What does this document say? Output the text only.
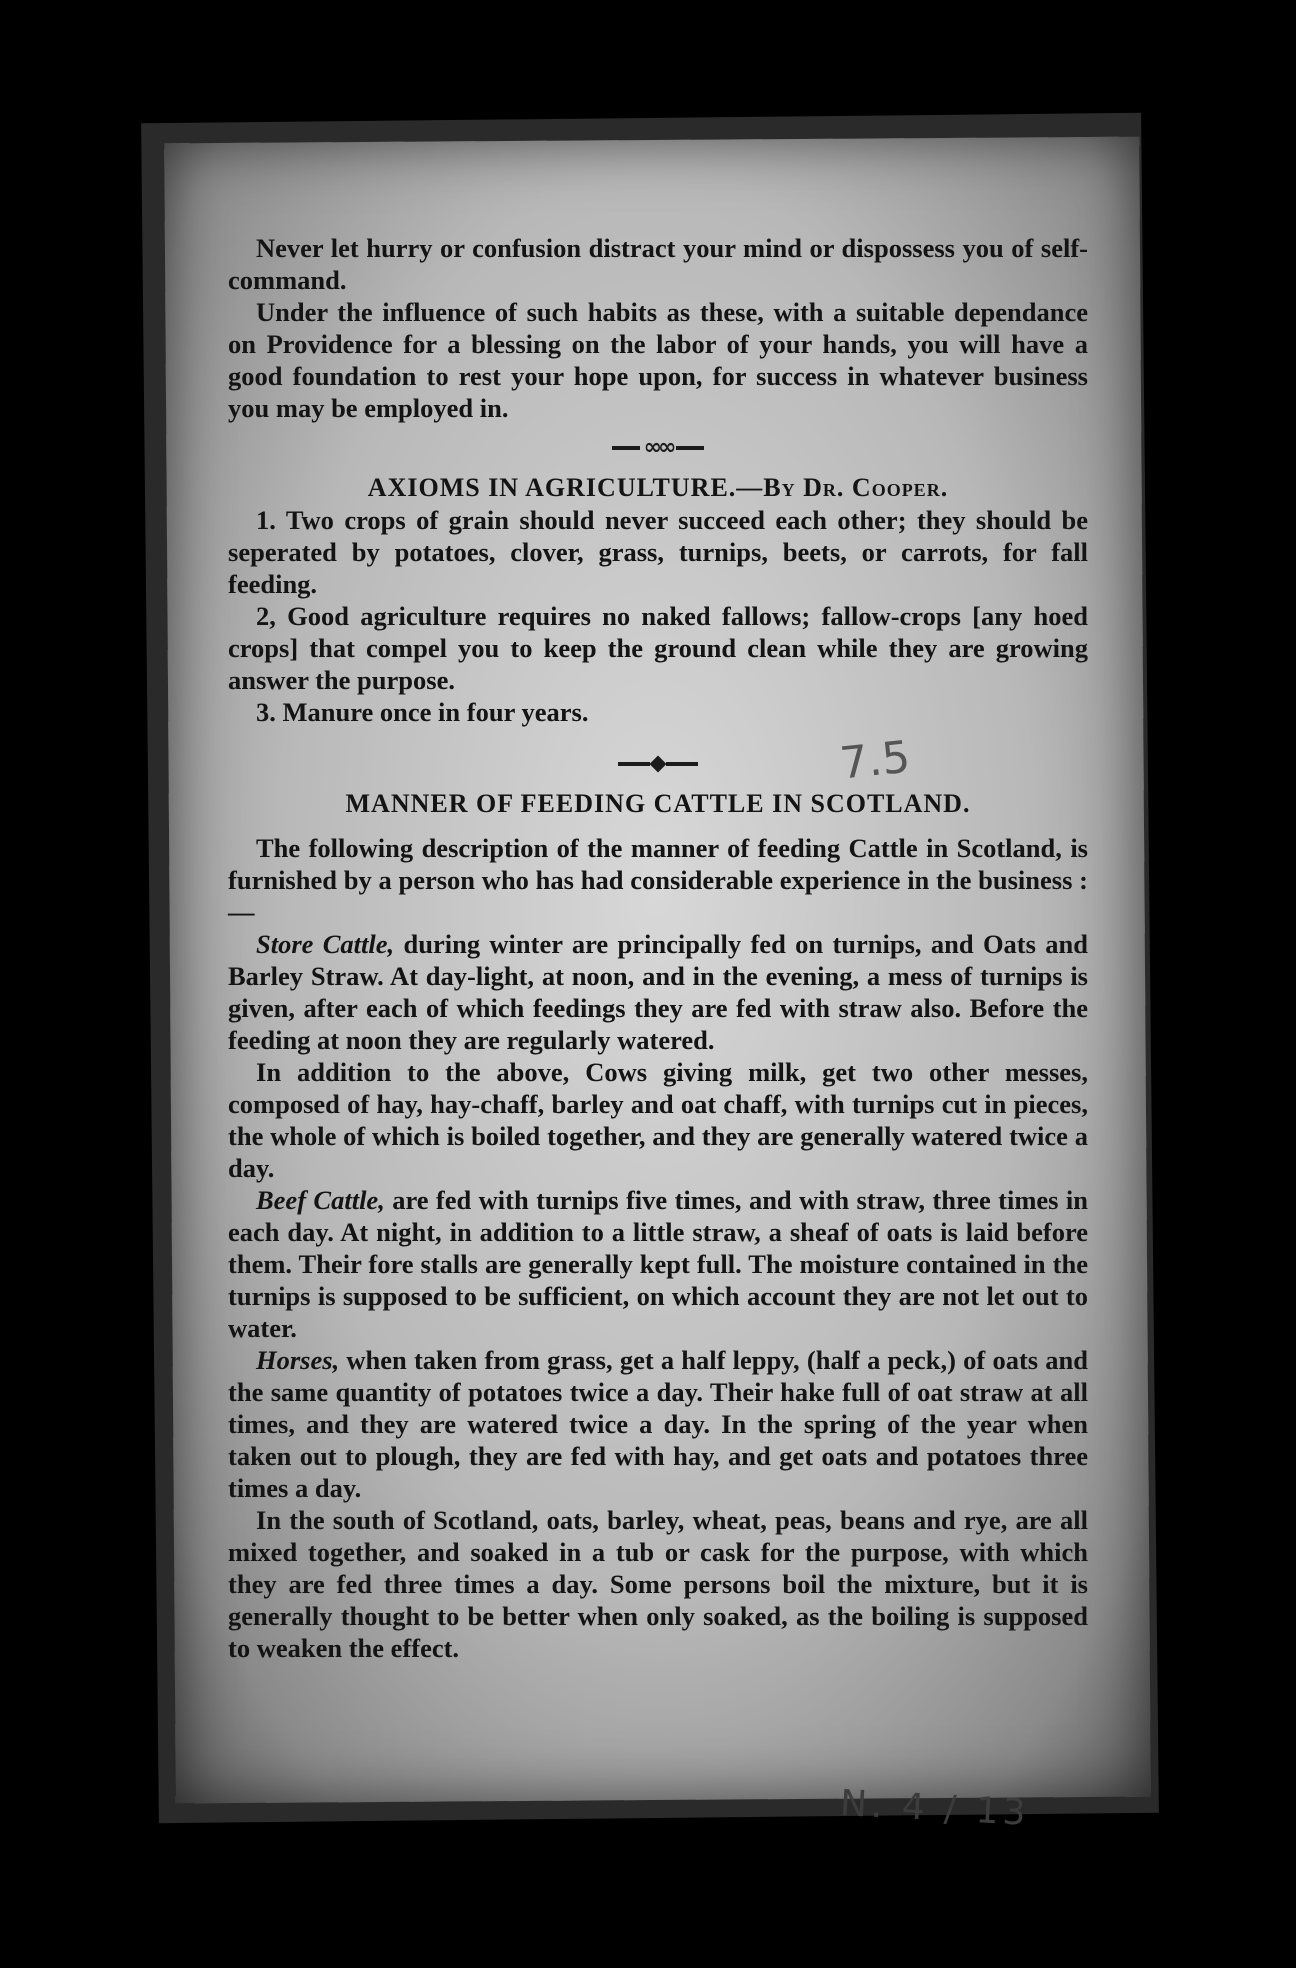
Never let hurry or confusion distract your mind or dispossess you of self-command.

Under the influence of such habits as these, with a suitable dependance on Providence for a blessing on the labor of your hands, you will have a good foundation to rest your hope upon, for success in whatever business you may be employed in.

∞∞

AXIOMS IN AGRICULTURE.—By Dr. Cooper.

1. Two crops of grain should never succeed each other; they should be seperated by potatoes, clover, grass, turnips, beets, or carrots, for fall feeding.

2, Good agriculture requires no naked fallows; fallow-crops [any hoed crops] that compel you to keep the ground clean while they are growing answer the purpose.

3. Manure once in four years.

MANNER OF FEEDING CATTLE IN SCOTLAND.

The following description of the manner of feeding Cattle in Scotland, is furnished by a person who has had considerable experience in the business :—

Store Cattle, during winter are principally fed on turnips, and Oats and Barley Straw. At day-light, at noon, and in the evening, a mess of turnips is given, after each of which feedings they are fed with straw also. Before the feeding at noon they are regularly watered.

In addition to the above, Cows giving milk, get two other messes, composed of hay, hay-chaff, barley and oat chaff, with turnips cut in pieces, the whole of which is boiled together, and they are generally watered twice a day.

Beef Cattle, are fed with turnips five times, and with straw, three times in each day. At night, in addition to a little straw, a sheaf of oats is laid before them. Their fore stalls are generally kept full. The moisture contained in the turnips is supposed to be sufficient, on which account they are not let out to water.

Horses, when taken from grass, get a half leppy, (half a peck,) of oats and the same quantity of potatoes twice a day. Their hake full of oat straw at all times, and they are watered twice a day. In the spring of the year when taken out to plough, they are fed with hay, and get oats and potatoes three times a day.

In the south of Scotland, oats, barley, wheat, peas, beans and rye, are all mixed together, and soaked in a tub or cask for the purpose, with which they are fed three times a day. Some persons boil the mixture, but it is generally thought to be better when only soaked, as the boiling is supposed to weaken the effect.

7.5
N. 4 / 13
